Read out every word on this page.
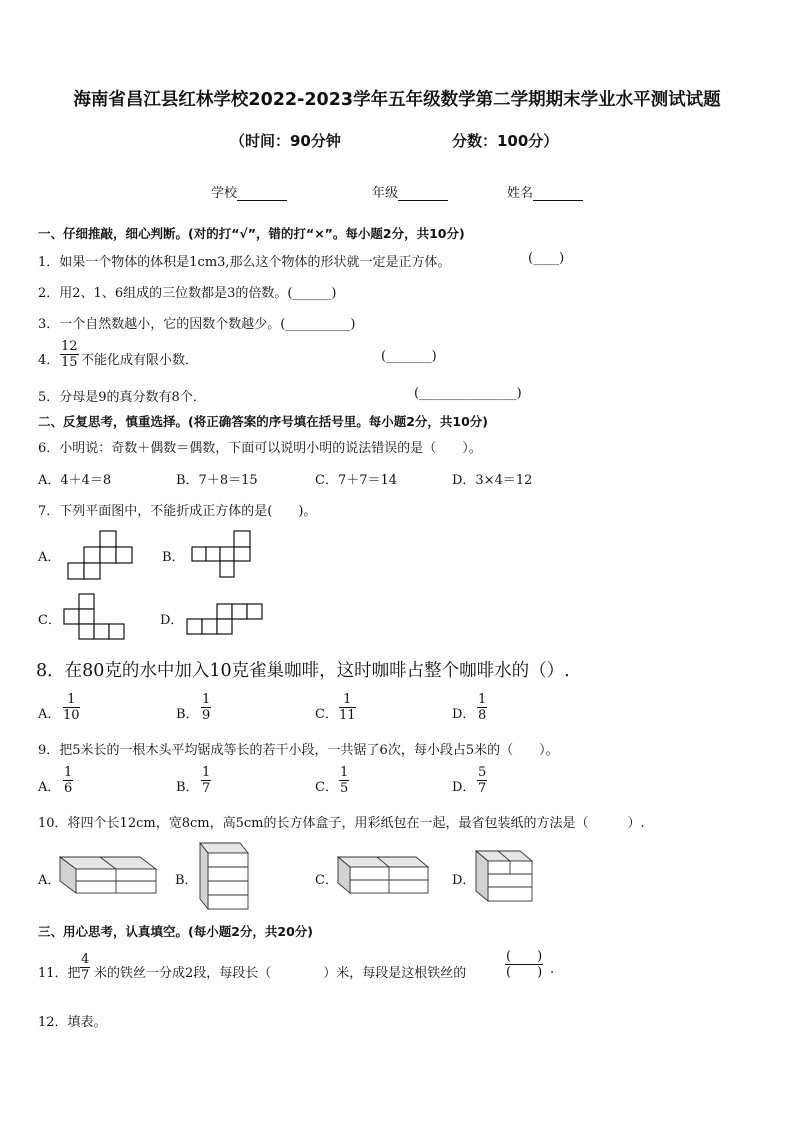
海南省昌江县红林学校2022-2023学年五年级数学第二学期期末学业水平测试试题
（时间：90分钟	分数：100分）
学校	年级	姓名
一、仔细推敲，细心判断。(对的打“√”，错的打“×”。每小题2分，共10分)
1．如果一个物体的体积是1cm3,那么这个物体的形状就一定是正方体。	(____)
2．用2、1、6组成的三位数都是3的倍数。(______)
3．一个自然数越小，它的因数个数越少。(__________)
4． $\frac{12}{15}$ 不能化成有限小数．	(_______)
5．分母是9的真分数有8个．	(_______________)
二、反复思考，慎重选择。(将正确答案的序号填在括号里。每小题2分，共10分)
6．小明说：奇数＋偶数＝偶数，下面可以说明小明的说法错误的是（　　）。
A．4＋4＝8	B．7＋8＝15	C．7＋7＝14	D．3×4＝12
7．下列平面图中，不能折成正方体的是(　　)。
A．	B．
C．	D．
8．在80克的水中加入10克雀巢咖啡，这时咖啡占整个咖啡水的（）.
A． $\frac{1}{10}$	B． $\frac{1}{9}$	C． $\frac{1}{11}$	D． $\frac{1}{8}$
9．把5米长的一根木头平均锯成等长的若干小段，一共锯了6次，每小段占5米的（　　）。
A． $\frac{1}{6}$	B． $\frac{1}{7}$	C． $\frac{1}{5}$	D． $\frac{5}{7}$
10．将四个长12cm，宽8cm，高5cm的长方体盒子，用彩纸包在一起，最省包装纸的方法是（　　　）.
A．	B．	C．	D．
三、用心思考，认真填空。(每小题2分，共20分)
11．把 $\frac{4}{7}$ 米的铁丝一分成2段，每段长（　　　　）米，每段是这根铁丝的
(　　)
(　　) .
12．填表。
